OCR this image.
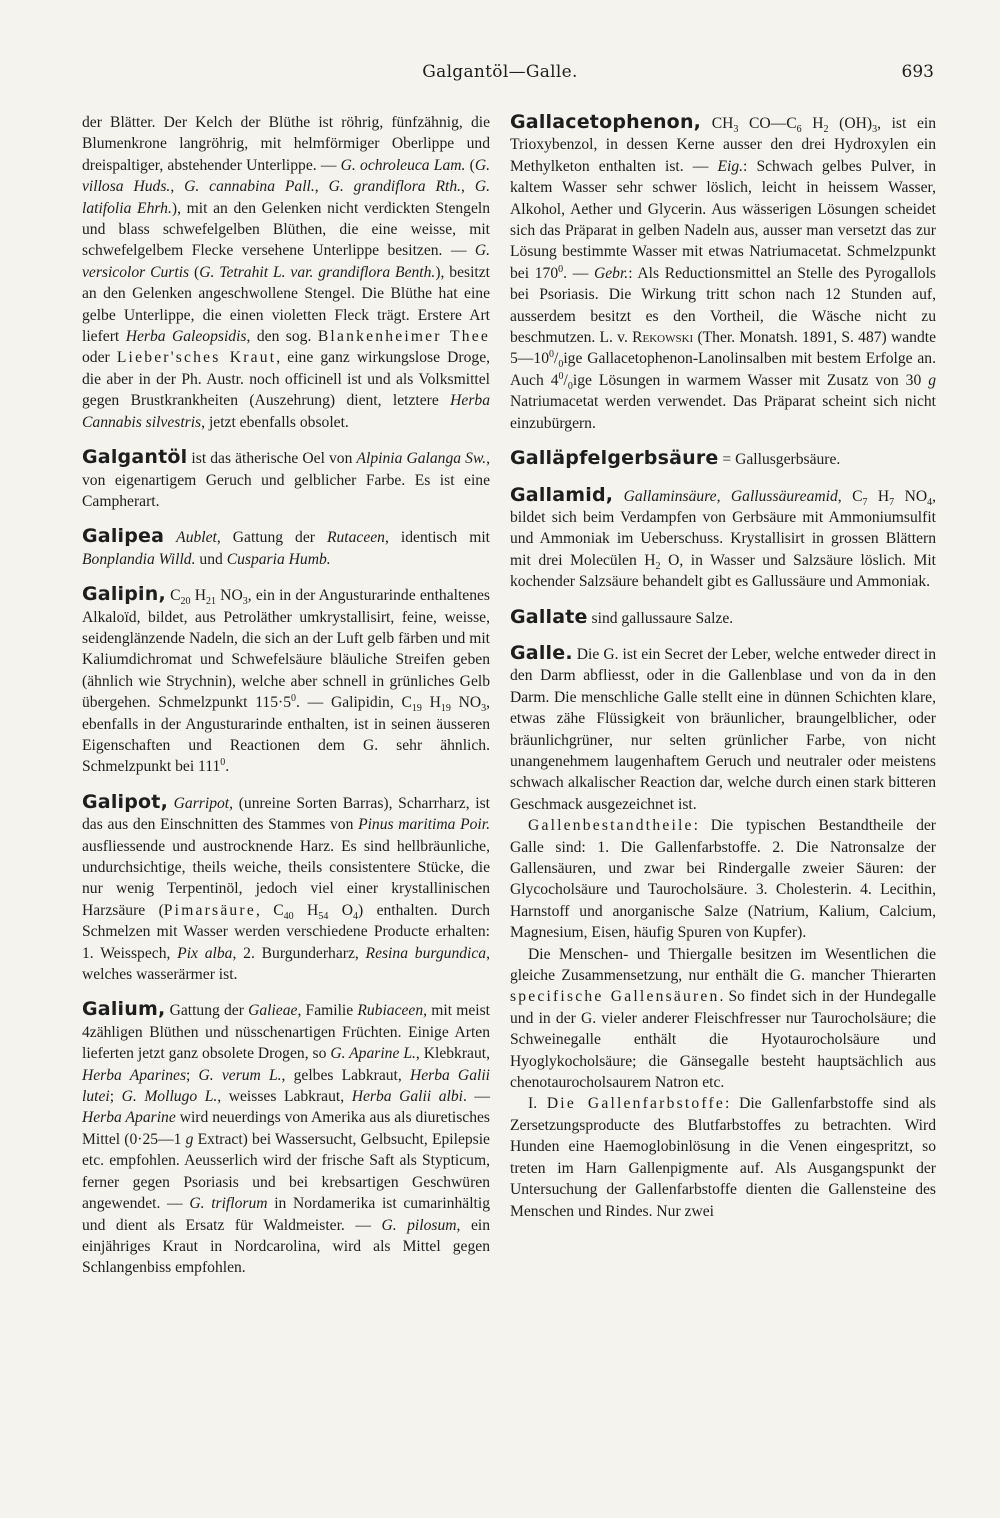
Galgantöl—Galle.	693

der Blätter. Der Kelch der Blüthe ist röhrig, fünfzähnig, die Blumenkrone langröhrig, mit helmförmiger Oberlippe und dreispaltiger, abstehender Unterlippe. — G. ochroleuca Lam. (G. villosa Huds., G. cannabina Pall., G. grandiflora Rth., G. latifolia Ehrh.), mit an den Gelenken nicht verdickten Stengeln und blass schwefelgelben Blüthen, die eine weisse, mit schwefelgelbem Flecke versehene Unterlippe besitzen. — G. versicolor Curtis (G. Tetrahit L. var. grandiflora Benth.), besitzt an den Gelenken angeschwollene Stengel. Die Blüthe hat eine gelbe Unterlippe, die einen violetten Fleck trägt. Erstere Art liefert Herba Galeopsidis, den sog. Blankenheimer Thee oder Lieber'sches Kraut, eine ganz wirkungslose Droge, die aber in der Ph. Austr. noch officinell ist und als Volksmittel gegen Brustkrankheiten (Auszehrung) dient, letztere Herba Cannabis silvestris, jetzt ebenfalls obsolet.

Galgantöl ist das ätherische Oel von Alpinia Galanga Sw., von eigenartigem Geruch und gelblicher Farbe. Es ist eine Campherart.

Galipea Aublet, Gattung der Rutaceen, identisch mit Bonplandia Willd. und Cusparia Humb.

Galipin, $C_{20}$ $H_{21}$ $NO_3$, ein in der Angusturarinde enthaltenes Alkaloïd, bildet, aus Petroläther umkrystallisirt, feine, weisse, seidenglänzende Nadeln, die sich an der Luft gelb färben und mit Kaliumdichromat und Schwefelsäure bläuliche Streifen geben (ähnlich wie Strychnin), welche aber schnell in grünliches Gelb übergehen. Schmelzpunkt $115\cdot 5^0$. — Galipidin, $C_{19}$ $H_{19}$ $NO_3$, ebenfalls in der Angusturarinde enthalten, ist in seinen äusseren Eigenschaften und Reactionen dem G. sehr ähnlich. Schmelzpunkt bei $111^0$.

Galipot, Garripot, (unreine Sorten Barras), Scharrharz, ist das aus den Einschnitten des Stammes von Pinus maritima Poir. ausfliessende und austrocknende Harz. Es sind hellbräunliche, undurchsichtige, theils weiche, theils consistentere Stücke, die nur wenig Terpentinöl, jedoch viel einer krystallinischen Harzsäure (Pimarsäure, $C_{40}$ $H_{54}$ $O_4$) enthalten. Durch Schmelzen mit Wasser werden verschiedene Producte erhalten: 1. Weisspech, Pix alba, 2. Burgunderharz, Resina burgundica, welches wasserärmer ist.

Galium, Gattung der Galieae, Familie Rubiaceen, mit meist 4zähligen Blüthen und nüsschenartigen Früchten. Einige Arten lieferten jetzt ganz obsolete Drogen, so G. Aparine L., Klebkraut, Herba Aparines; G. verum L., gelbes Labkraut, Herba Galii lutei; G. Mollugo L., weisses Labkraut, Herba Galii albi. — Herba Aparine wird neuerdings von Amerika aus als diuretisches Mittel (0·25—1 g Extract) bei Wassersucht, Gelbsucht, Epilepsie etc. empfohlen. Aeusserlich wird der frische Saft als Stypticum, ferner gegen Psoriasis und bei krebsartigen Geschwüren angewendet. — G. triflorum in Nordamerika ist cumarinhältig und dient als Ersatz für Waldmeister. — G. pilosum, ein einjähriges Kraut in Nordcarolina, wird als Mittel gegen Schlangenbiss empfohlen.

Gallacetophenon, $CH_3$ $CO—C_6$ $H_2$ $(OH)_3$, ist ein Trioxybenzol, in dessen Kerne ausser den drei Hydroxylen ein Methylketon enthalten ist. — Eig.: Schwach gelbes Pulver, in kaltem Wasser sehr schwer löslich, leicht in heissem Wasser, Alkohol, Aether und Glycerin. Aus wässerigen Lösungen scheidet sich das Präparat in gelben Nadeln aus, ausser man versetzt das zur Lösung bestimmte Wasser mit etwas Natriumacetat. Schmelzpunkt bei $170^0$. — Gebr.: Als Reductionsmittel an Stelle des Pyrogallols bei Psoriasis. Die Wirkung tritt schon nach 12 Stunden auf, ausserdem besitzt es den Vortheil, die Wäsche nicht zu beschmutzen. L. v. Rekowski (Ther. Monatsh. 1891, S. 487) wandte $5—10^0/_0ige$ Gallacetophenon-Lanolinsalben mit bestem Erfolge an. Auch $4^0/_0ige$ Lösungen in warmem Wasser mit Zusatz von 30 g Natriumacetat werden verwendet. Das Präparat scheint sich nicht einzubürgern.

Galläpfelgerbsäure = Gallusgerbsäure.

Gallamid, Gallaminsäure, Gallussäureamid, $C_7$ $H_7$ $NO_4$, bildet sich beim Verdampfen von Gerbsäure mit Ammoniumsulfit und Ammoniak im Ueberschuss. Krystallisirt in grossen Blättern mit drei Molecülen $H_2$ O, in Wasser und Salzsäure löslich. Mit kochender Salzsäure behandelt gibt es Gallussäure und Ammoniak.

Gallate sind gallussaure Salze.

Galle. Die G. ist ein Secret der Leber, welche entweder direct in den Darm abfliesst, oder in die Gallenblase und von da in den Darm. Die menschliche Galle stellt eine in dünnen Schichten klare, etwas zähe Flüssigkeit von bräunlicher, braungelblicher, oder bräunlichgrüner, nur selten grünlicher Farbe, von nicht unangenehmem laugenhaftem Geruch und neutraler oder meistens schwach alkalischer Reaction dar, welche durch einen stark bitteren Geschmack ausgezeichnet ist.

Gallenbestandtheile: Die typischen Bestandtheile der Galle sind: 1. Die Gallenfarbstoffe. 2. Die Natronsalze der Gallensäuren, und zwar bei Rindergalle zweier Säuren: der Glycocholsäure und Taurocholsäure. 3. Cholesterin. 4. Lecithin, Harnstoff und anorganische Salze (Natrium, Kalium, Calcium, Magnesium, Eisen, häufig Spuren von Kupfer).

Die Menschen- und Thiergalle besitzen im Wesentlichen die gleiche Zusammensetzung, nur enthält die G. mancher Thierarten specifische Gallensäuren. So findet sich in der Hundegalle und in der G. vieler anderer Fleischfresser nur Taurocholsäure; die Schweinegalle enthält die Hyotaurocholsäure und Hyoglykocholsäure; die Gänsegalle besteht hauptsächlich aus chenotaurocholsaurem Natron etc.

I. Die Gallenfarbstoffe: Die Gallenfarbstoffe sind als Zersetzungsproducte des Blutfarbstoffes zu betrachten. Wird Hunden eine Haemoglobinlösung in die Venen eingespritzt, so treten im Harn Gallenpigmente auf. Als Ausgangspunkt der Untersuchung der Gallenfarbstoffe dienten die Gallensteine des Menschen und Rindes. Nur zwei
